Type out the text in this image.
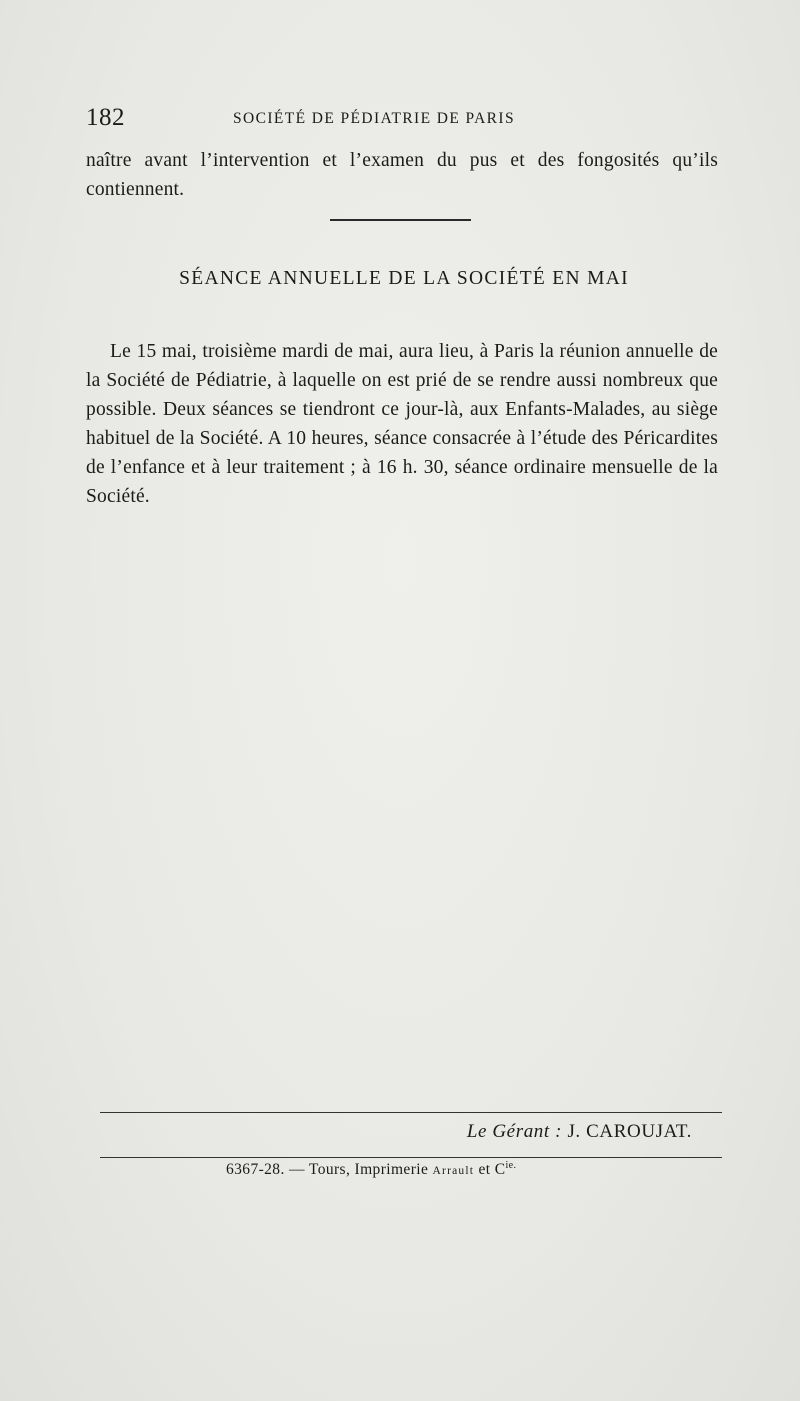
182	SOCIÉTÉ DE PÉDIATRIE DE PARIS
naître avant l’intervention et l’examen du pus et des fongosités qu’ils contiennent.
SÉANCE ANNUELLE DE LA SOCIÉTÉ EN MAI
Le 15 mai, troisième mardi de mai, aura lieu, à Paris la réunion annuelle de la Société de Pédiatrie, à laquelle on est prié de se rendre aussi nombreux que possible. Deux séances se tiendront ce jour-là, aux Enfants-Malades, au siège habituel de la Société. A 10 heures, séance consacrée à l’étude des Péricardites de l’enfance et à leur traitement ; à 16 h. 30, séance ordinaire mensuelle de la Société.
Le Gérant : J. CAROUJAT.
6367-28. — Tours, Imprimerie Arrault et $C^{ie.}$
